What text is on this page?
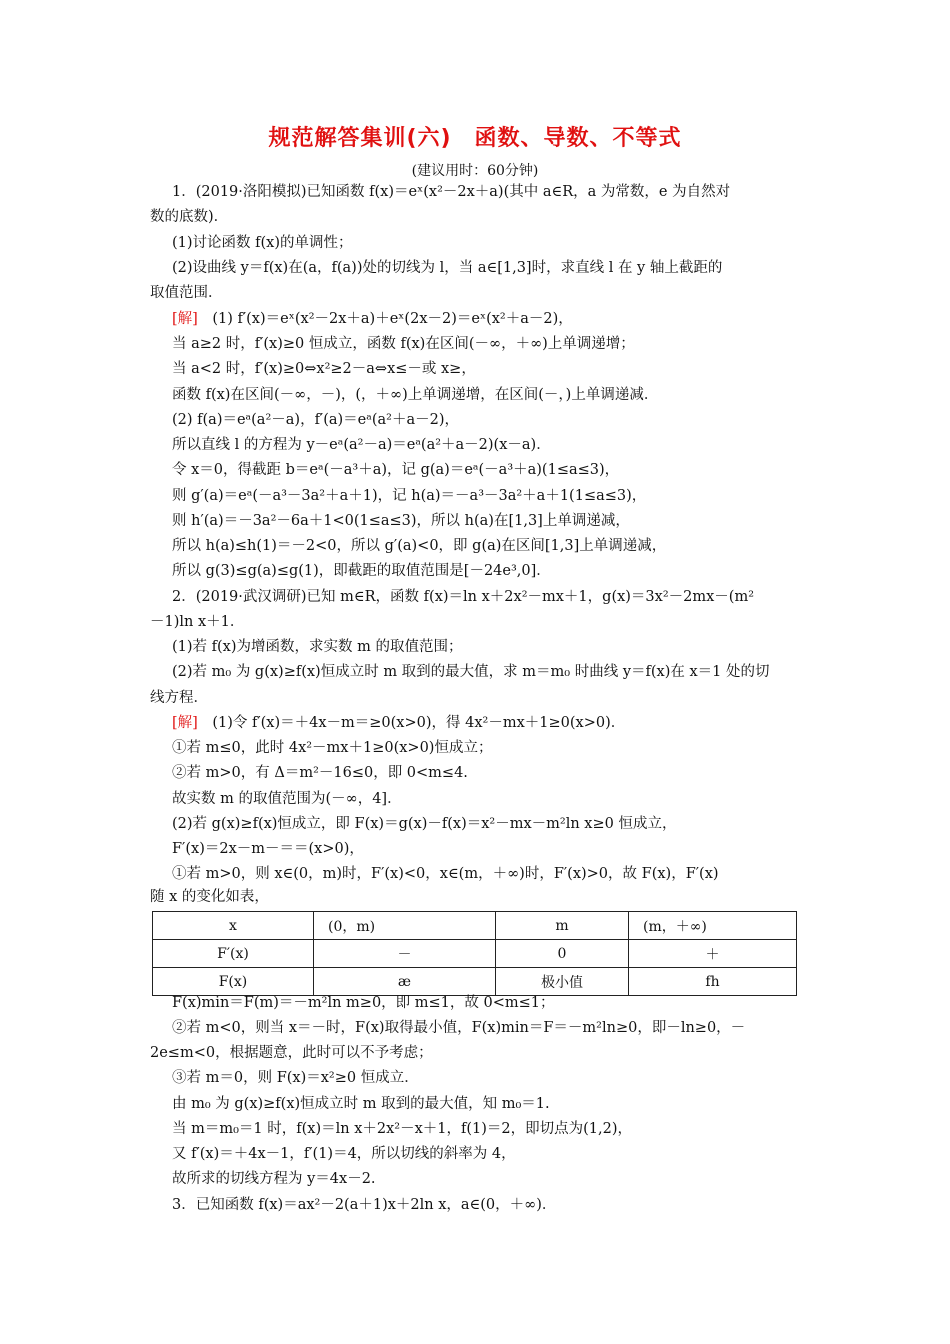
规范解答集训(六)　函数、导数、不等式
(建议用时：60分钟)
1．(2019·洛阳模拟)已知函数 f(x)＝eˣ(x²－2x＋a)(其中 a∈R，a 为常数，e 为自然对
数的底数)．
(1)讨论函数 f(x)的单调性；
(2)设曲线 y＝f(x)在(a，f(a))处的切线为 l，当 a∈[1,3]时，求直线 l 在 y 轴上截距的
取值范围．
[解]　 (1) f′(x)＝eˣ(x²－2x＋a)＋eˣ(2x－2)＝eˣ(x²＋a－2)，
当 a≥2 时，f′(x)≥0 恒成立，函数 f(x)在区间(－∞，＋∞)上单调递增；
当 a<2 时，f′(x)≥0⇔x²≥2－a⇔x≤－或 x≥，
函数 f(x)在区间(－∞，－)，(，＋∞)上单调递增，在区间(－，)上单调递减．
(2) f(a)＝eᵃ(a²－a)，f′(a)＝eᵃ(a²＋a－2)，
所以直线 l 的方程为 y－eᵃ(a²－a)＝eᵃ(a²＋a－2)(x－a)．
令 x＝0，得截距 b＝eᵃ(－a³＋a)，记 g(a)＝eᵃ(－a³＋a)(1≤a≤3)，
则 g′(a)＝eᵃ(－a³－3a²＋a＋1)，记 h(a)＝－a³－3a²＋a＋1(1≤a≤3)，
则 h′(a)＝－3a²－6a＋1<0(1≤a≤3)，所以 h(a)在[1,3]上单调递减，
所以 h(a)≤h(1)＝－2<0，所以 g′(a)<0，即 g(a)在区间[1,3]上单调递减，
所以 g(3)≤g(a)≤g(1)，即截距的取值范围是[－24e³,0]．
2．(2019·武汉调研)已知 m∈R，函数 f(x)＝ln x＋2x²－mx＋1，g(x)＝3x²－2mx－(m²
－1)ln x＋1．
(1)若 f(x)为增函数，求实数 m 的取值范围；
(2)若 m₀ 为 g(x)≥f(x)恒成立时 m 取到的最大值，求 m＝m₀ 时曲线 y＝f(x)在 x＝1 处的切
线方程．
[解]　 (1)令 f′(x)＝＋4x－m＝≥0(x>0)，得 4x²－mx＋1≥0(x>0)．
①若 m≤0，此时 4x²－mx＋1≥0(x>0)恒成立；
②若 m>0，有 Δ＝m²－16≤0，即 0<m≤4.
故实数 m 的取值范围为(－∞，4]．
(2)若 g(x)≥f(x)恒成立，即 F(x)＝g(x)－f(x)＝x²－mx－m²ln x≥0 恒成立，
F′(x)＝2x－m－＝＝(x>0)，
①若 m>0，则 x∈(0，m)时，F′(x)<0，x∈(m，＋∞)时，F′(x)>0，故 F(x)，F′(x)
随 x 的变化如表，
x	(0，m)	m	(m，＋∞)
F′(x)	－	0	＋
F(x)	æ	极小值	fh
F(x)min＝F(m)＝－m²ln m≥0，即 m≤1，故 0<m≤1；
②若 m<0，则当 x＝－时，F(x)取得最小值，F(x)min＝F＝－m²ln≥0，即－ln≥0，－
2e≤m<0，根据题意，此时可以不予考虑；
③若 m＝0，则 F(x)＝x²≥0 恒成立．
由 m₀ 为 g(x)≥f(x)恒成立时 m 取到的最大值，知 m₀＝1.
当 m＝m₀＝1 时，f(x)＝ln x＋2x²－x＋1，f(1)＝2，即切点为(1,2)，
又 f′(x)＝＋4x－1，f′(1)＝4，所以切线的斜率为 4，
故所求的切线方程为 y＝4x－2.
3．已知函数 f(x)＝ax²－2(a＋1)x＋2ln x，a∈(0，＋∞)．
